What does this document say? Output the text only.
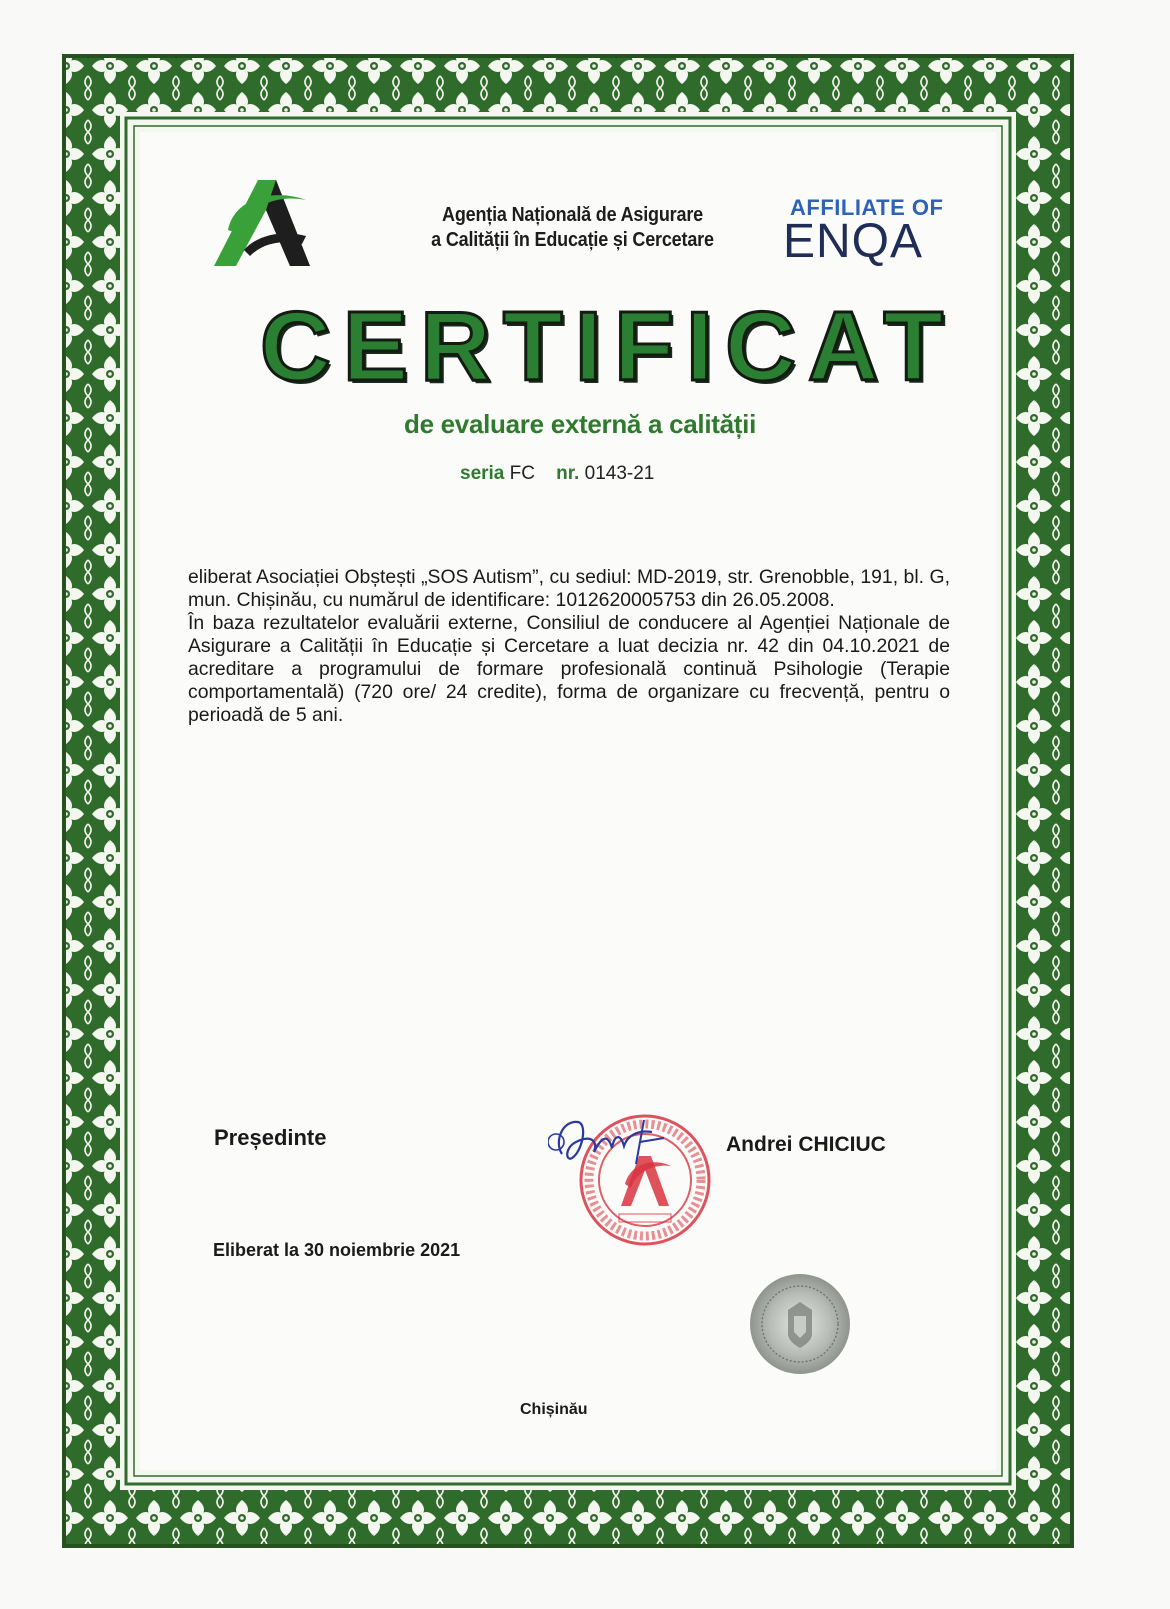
Agenția Națională de Asigurare
a Calității în Educație și Cercetare
AFFILIATE OF
ENQA
CERTIFICAT
de evaluare externă a calității
seria FC nr. 0143-21

eliberat Asociației Obștești „SOS Autism”, cu sediul: MD-2019, str. Grenobble, 191, bl. G, mun. Chișinău, cu numărul de identificare: 1012620005753 din 26.05.2008.

În baza rezultatelor evaluării externe, Consiliul de conducere al Agenției Naționale de Asigurare a Calității în Educație și Cercetare a luat decizia nr. 42 din 04.10.2021 de acreditare a programului de formare profesională continuă Psihologie (Terapie comportamentală) (720 ore/ 24 credite), forma de organizare cu frecvență, pentru o perioadă de 5 ani.

Președinte	Andrei CHICIUC
Eliberat la 30 noiembrie 2021
Chișinău
